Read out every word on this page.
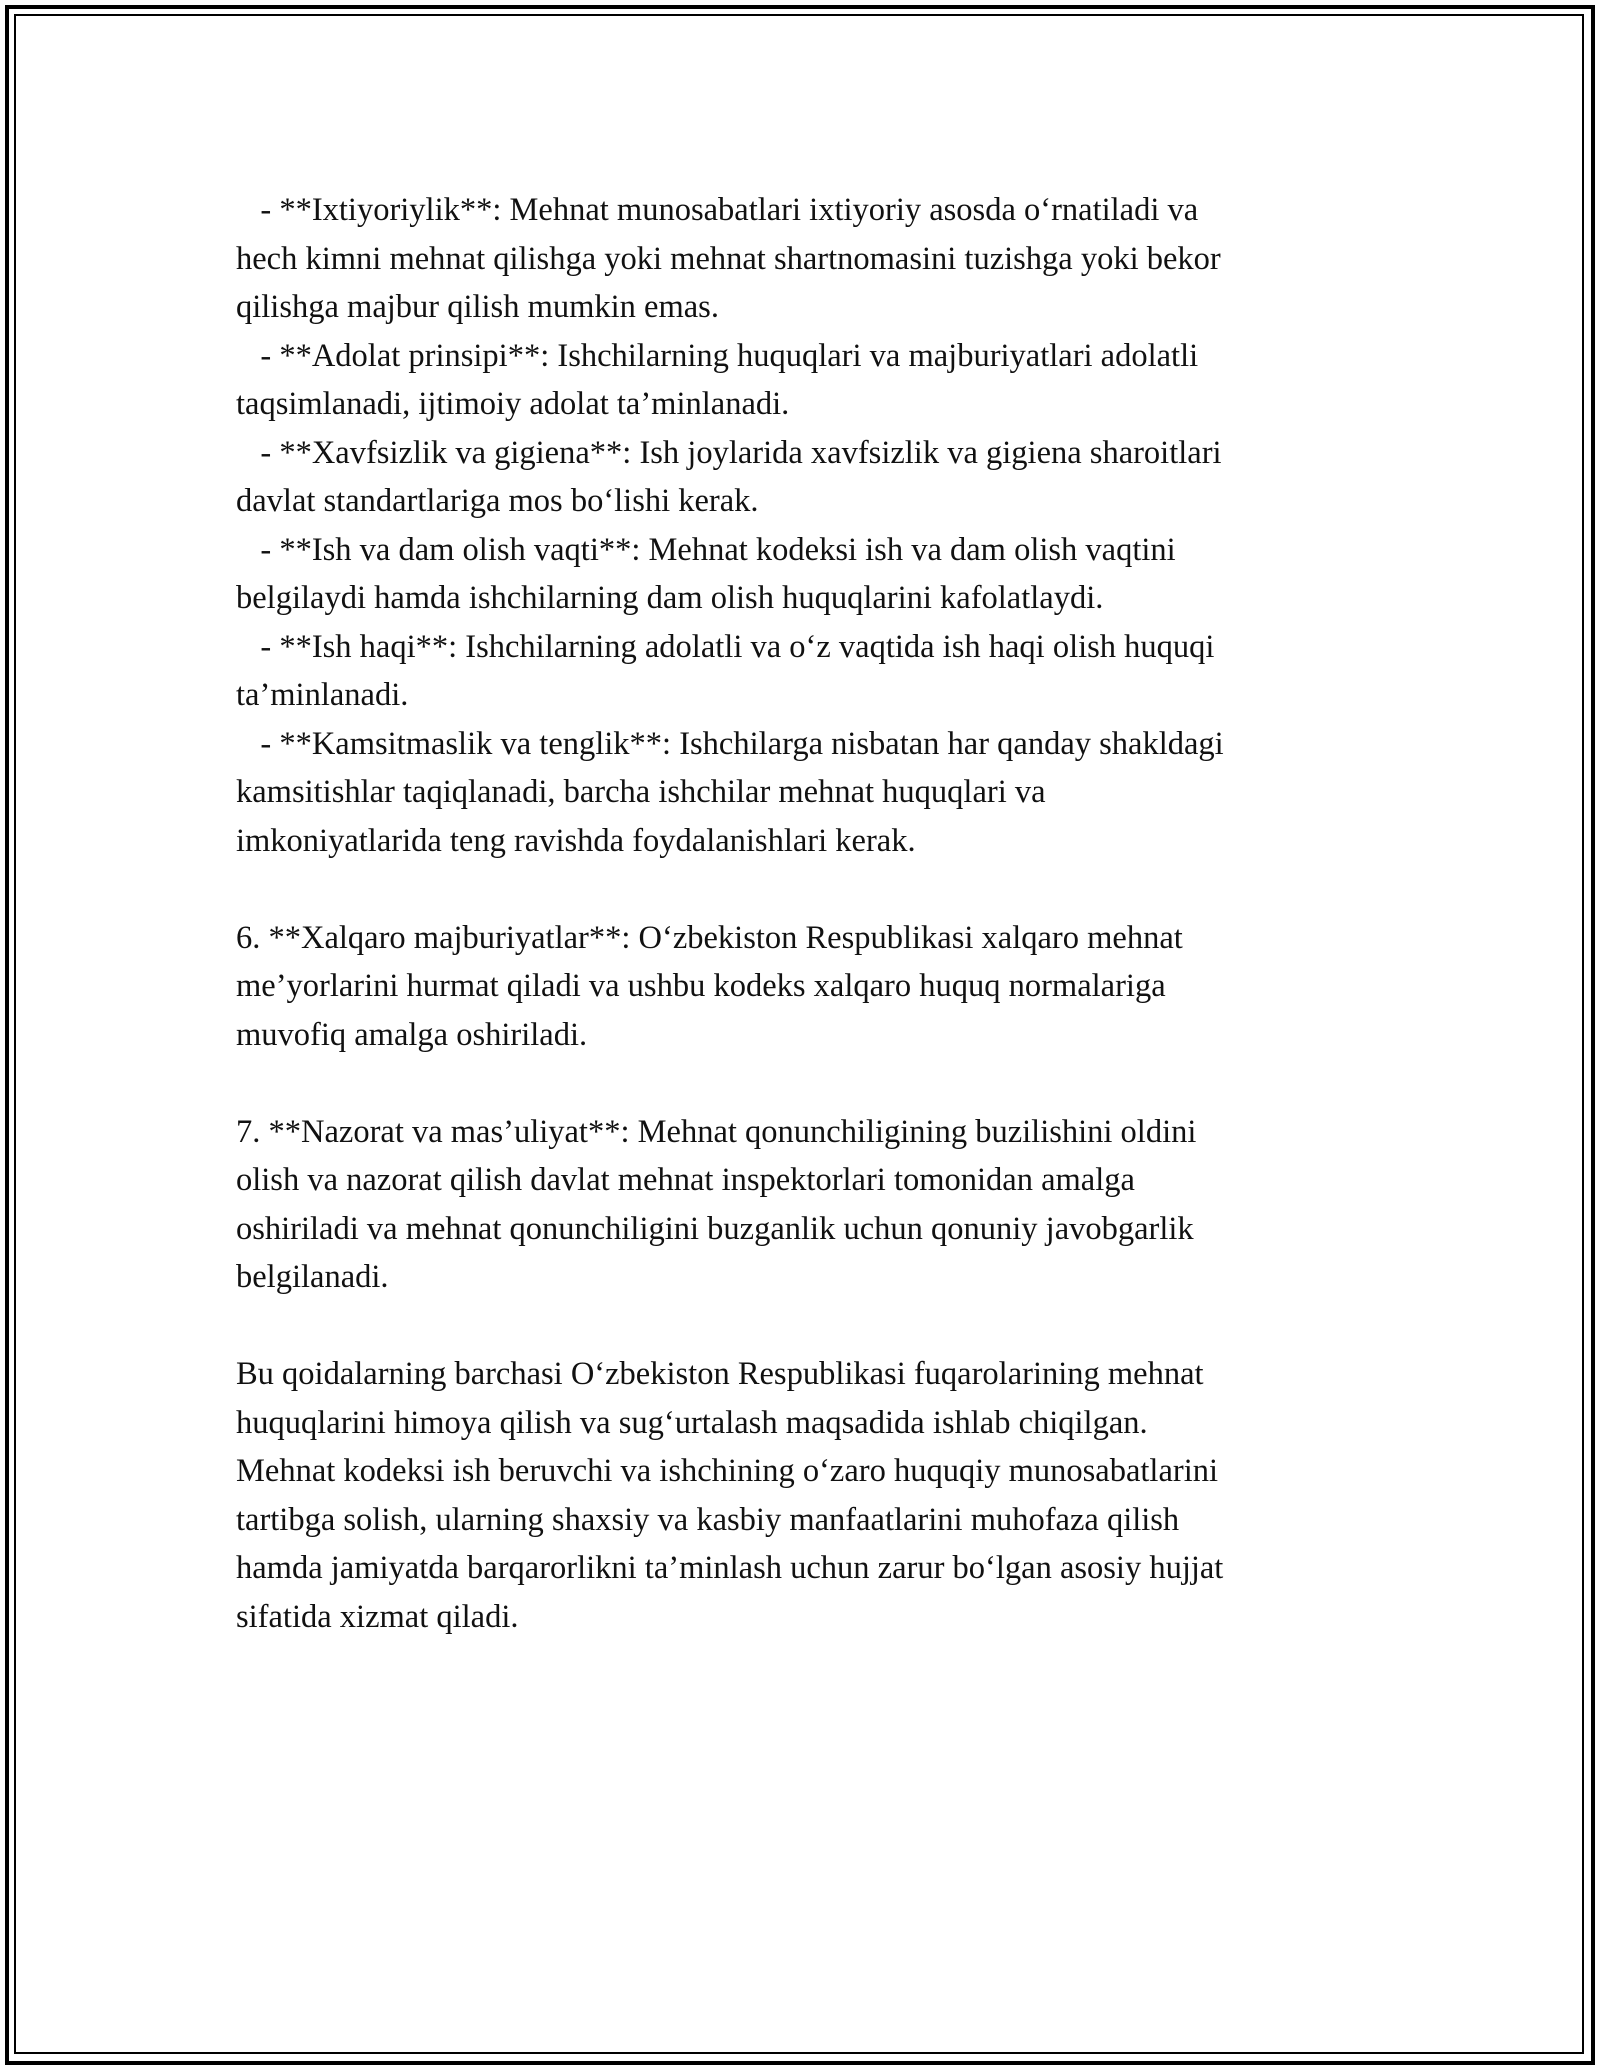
- **Ixtiyoriylik**: Mehnat munosabatlari ixtiyoriy asosda o‘rnatiladi va
hech kimni mehnat qilishga yoki mehnat shartnomasini tuzishga yoki bekor
qilishga majbur qilish mumkin emas.
- **Adolat prinsipi**: Ishchilarning huquqlari va majburiyatlari adolatli
taqsimlanadi, ijtimoiy adolat ta’minlanadi.
- **Xavfsizlik va gigiena**: Ish joylarida xavfsizlik va gigiena sharoitlari
davlat standartlariga mos bo‘lishi kerak.
- **Ish va dam olish vaqti**: Mehnat kodeksi ish va dam olish vaqtini
belgilaydi hamda ishchilarning dam olish huquqlarini kafolatlaydi.
- **Ish haqi**: Ishchilarning adolatli va o‘z vaqtida ish haqi olish huquqi
ta’minlanadi.
- **Kamsitmaslik va tenglik**: Ishchilarga nisbatan har qanday shakldagi
kamsitishlar taqiqlanadi, barcha ishchilar mehnat huquqlari va
imkoniyatlarida teng ravishda foydalanishlari kerak.
6. **Xalqaro majburiyatlar**: O‘zbekiston Respublikasi xalqaro mehnat
me’yorlarini hurmat qiladi va ushbu kodeks xalqaro huquq normalariga
muvofiq amalga oshiriladi.
7. **Nazorat va mas’uliyat**: Mehnat qonunchiligining buzilishini oldini
olish va nazorat qilish davlat mehnat inspektorlari tomonidan amalga
oshiriladi va mehnat qonunchiligini buzganlik uchun qonuniy javobgarlik
belgilanadi.
Bu qoidalarning barchasi O‘zbekiston Respublikasi fuqarolarining mehnat
huquqlarini himoya qilish va sug‘urtalash maqsadida ishlab chiqilgan.
Mehnat kodeksi ish beruvchi va ishchining o‘zaro huquqiy munosabatlarini
tartibga solish, ularning shaxsiy va kasbiy manfaatlarini muhofaza qilish
hamda jamiyatda barqarorlikni ta’minlash uchun zarur bo‘lgan asosiy hujjat
sifatida xizmat qiladi.
